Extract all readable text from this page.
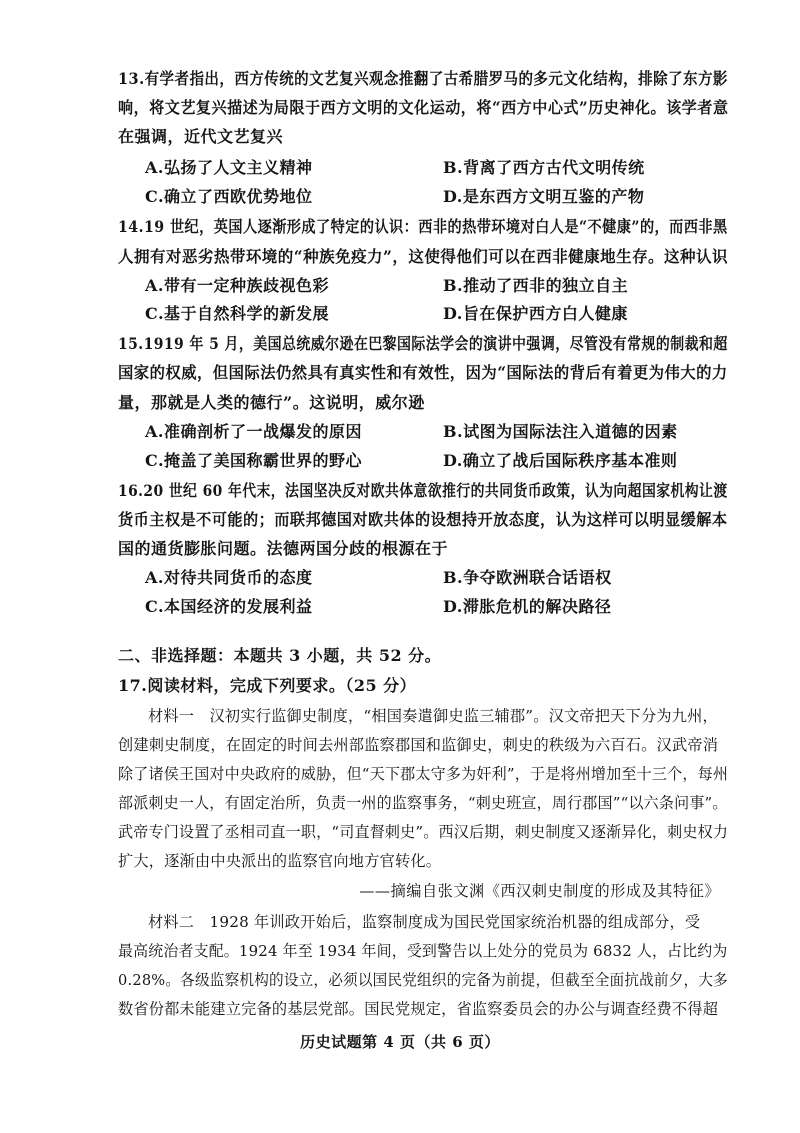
13.有学者指出，西方传统的文艺复兴观念推翻了古希腊罗马的多元文化结构，排除了东方影
响，将文艺复兴描述为局限于西方文明的文化运动，将“西方中心式”历史神化。该学者意
在强调，近代文艺复兴
A.弘扬了人文主义精神	B.背离了西方古代文明传统
C.确立了西欧优势地位	D.是东西方文明互鉴的产物
14.19 世纪，英国人逐渐形成了特定的认识：西非的热带环境对白人是“不健康”的，而西非黑
人拥有对恶劣热带环境的“种族免疫力”，这使得他们可以在西非健康地生存。这种认识
A.带有一定种族歧视色彩	B.推动了西非的独立自主
C.基于自然科学的新发展	D.旨在保护西方白人健康
15.1919 年 5 月，美国总统威尔逊在巴黎国际法学会的演讲中强调，尽管没有常规的制裁和超
国家的权威，但国际法仍然具有真实性和有效性，因为“国际法的背后有着更为伟大的力
量，那就是人类的德行”。这说明，威尔逊
A.准确剖析了一战爆发的原因	B.试图为国际法注入道德的因素
C.掩盖了美国称霸世界的野心	D.确立了战后国际秩序基本准则
16.20 世纪 60 年代末，法国坚决反对欧共体意欲推行的共同货币政策，认为向超国家机构让渡
货币主权是不可能的；而联邦德国对欧共体的设想持开放态度，认为这样可以明显缓解本
国的通货膨胀问题。法德两国分歧的根源在于
A.对待共同货币的态度	B.争夺欧洲联合话语权
C.本国经济的发展利益	D.滞胀危机的解决路径
二、非选择题：本题共 3 小题，共 52 分。
17.阅读材料，完成下列要求。（25 分）
材料一　汉初实行监御史制度，“相国奏遣御史监三辅郡”。汉文帝把天下分为九州，
创建刺史制度，在固定的时间去州部监察郡国和监御史，刺史的秩级为六百石。汉武帝消
除了诸侯王国对中央政府的威胁，但“天下郡太守多为奸利”，于是将州增加至十三个，每州
部派刺史一人，有固定治所，负责一州的监察事务，“刺史班宣，周行郡国”“以六条问事”。
武帝专门设置了丞相司直一职，“司直督刺史”。西汉后期，刺史制度又逐渐异化，刺史权力
扩大，逐渐由中央派出的监察官向地方官转化。
——摘编自张文渊《西汉刺史制度的形成及其特征》
材料二　1928 年训政开始后，监察制度成为国民党国家统治机器的组成部分，受
最高统治者支配。1924 年至 1934 年间，受到警告以上处分的党员为 6832 人，占比约为
0.28%。各级监察机构的设立，必须以国民党组织的完备为前提，但截至全面抗战前夕，大多
数省份都未能建立完备的基层党部。国民党规定，省监察委员会的办公与调查经费不得超
历史试题第 4 页（共 6 页）
